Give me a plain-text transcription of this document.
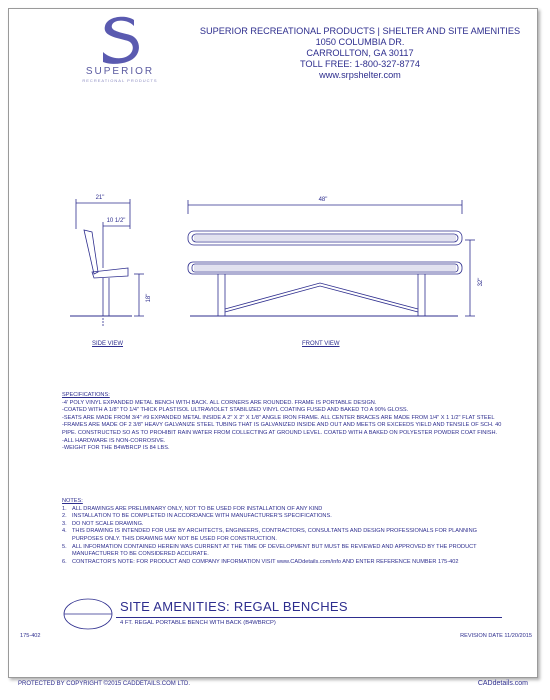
SUPERIOR
RECREATIONAL PRODUCTS
SUPERIOR RECREATIONAL PRODUCTS | SHELTER AND SITE AMENITIES
1050 COLUMBIA DR.
CARROLLTON, GA 30117
TOLL FREE: 1-800-327-8774
www.srpshelter.com
21"
10 1/2"
18"
48"
32"
SIDE VIEW	FRONT VIEW
SPECIFICATIONS:
-4' POLY VINYL EXPANDED METAL BENCH WITH BACK. ALL CORNERS ARE ROUNDED. FRAME IS PORTABLE DESIGN.
-COATED WITH A 1/8" TO 1/4" THICK PLASTISOL ULTRAVIOLET STABILIZED VINYL COATING FUSED AND BAKED TO A 90% GLOSS.
-SEATS ARE MADE FROM 3/4" #9 EXPANDED METAL INSIDE A 2" X 2" X 1/8" ANGLE IRON FRAME. ALL CENTER BRACES ARE MADE FROM 1/4" X 1 1/2" FLAT STEEL
-FRAMES ARE MADE OF 2 3/8" HEAVY GALVANIZE STEEL TUBING THAT IS GALVANIZED INSIDE AND OUT AND MEETS OR EXCEEDS YIELD AND TENSILE OF SCH. 40 PIPE. CONSTRUCTED SO AS TO PROHIBIT RAIN WATER FROM COLLECTING AT GROUND LEVEL. COATED WITH A BAKED ON POLYESTER POWDER COAT FINISH.
-ALL HARDWARE IS NON-CORROSIVE.
-WEIGHT FOR THE B4WBRCP IS 84 LBS.
NOTES:
1. ALL DRAWINGS ARE PRELIMINARY ONLY, NOT TO BE USED FOR INSTALLATION OF ANY KIND
2. INSTALLATION TO BE COMPLETED IN ACCORDANCE WITH MANUFACTURER'S SPECIFICATIONS.
3. DO NOT SCALE DRAWING.
4. THIS DRAWING IS INTENDED FOR USE BY ARCHITECTS, ENGINEERS, CONTRACTORS, CONSULTANTS AND DESIGN PROFESSIONALS FOR PLANNING PURPOSES ONLY. THIS DRAWING MAY NOT BE USED FOR CONSTRUCTION.
5. ALL INFORMATION CONTAINED HEREIN WAS CURRENT AT THE TIME OF DEVELOPMENT BUT MUST BE REVIEWED AND APPROVED BY THE PRODUCT MANUFACTURER TO BE CONSIDERED ACCURATE.
6. CONTRACTOR'S NOTE: FOR PRODUCT AND COMPANY INFORMATION VISIT www.CADdetails.com/info AND ENTER REFERENCE NUMBER 175-402
SITE AMENITIES: REGAL BENCHES
4 FT. REGAL PORTABLE BENCH WITH BACK (B4WBRCP)
175-402	REVISION DATE 11/20/2015
PROTECTED BY COPYRIGHT ©2015 CADDETAILS.COM LTD.	CADdetails.com
